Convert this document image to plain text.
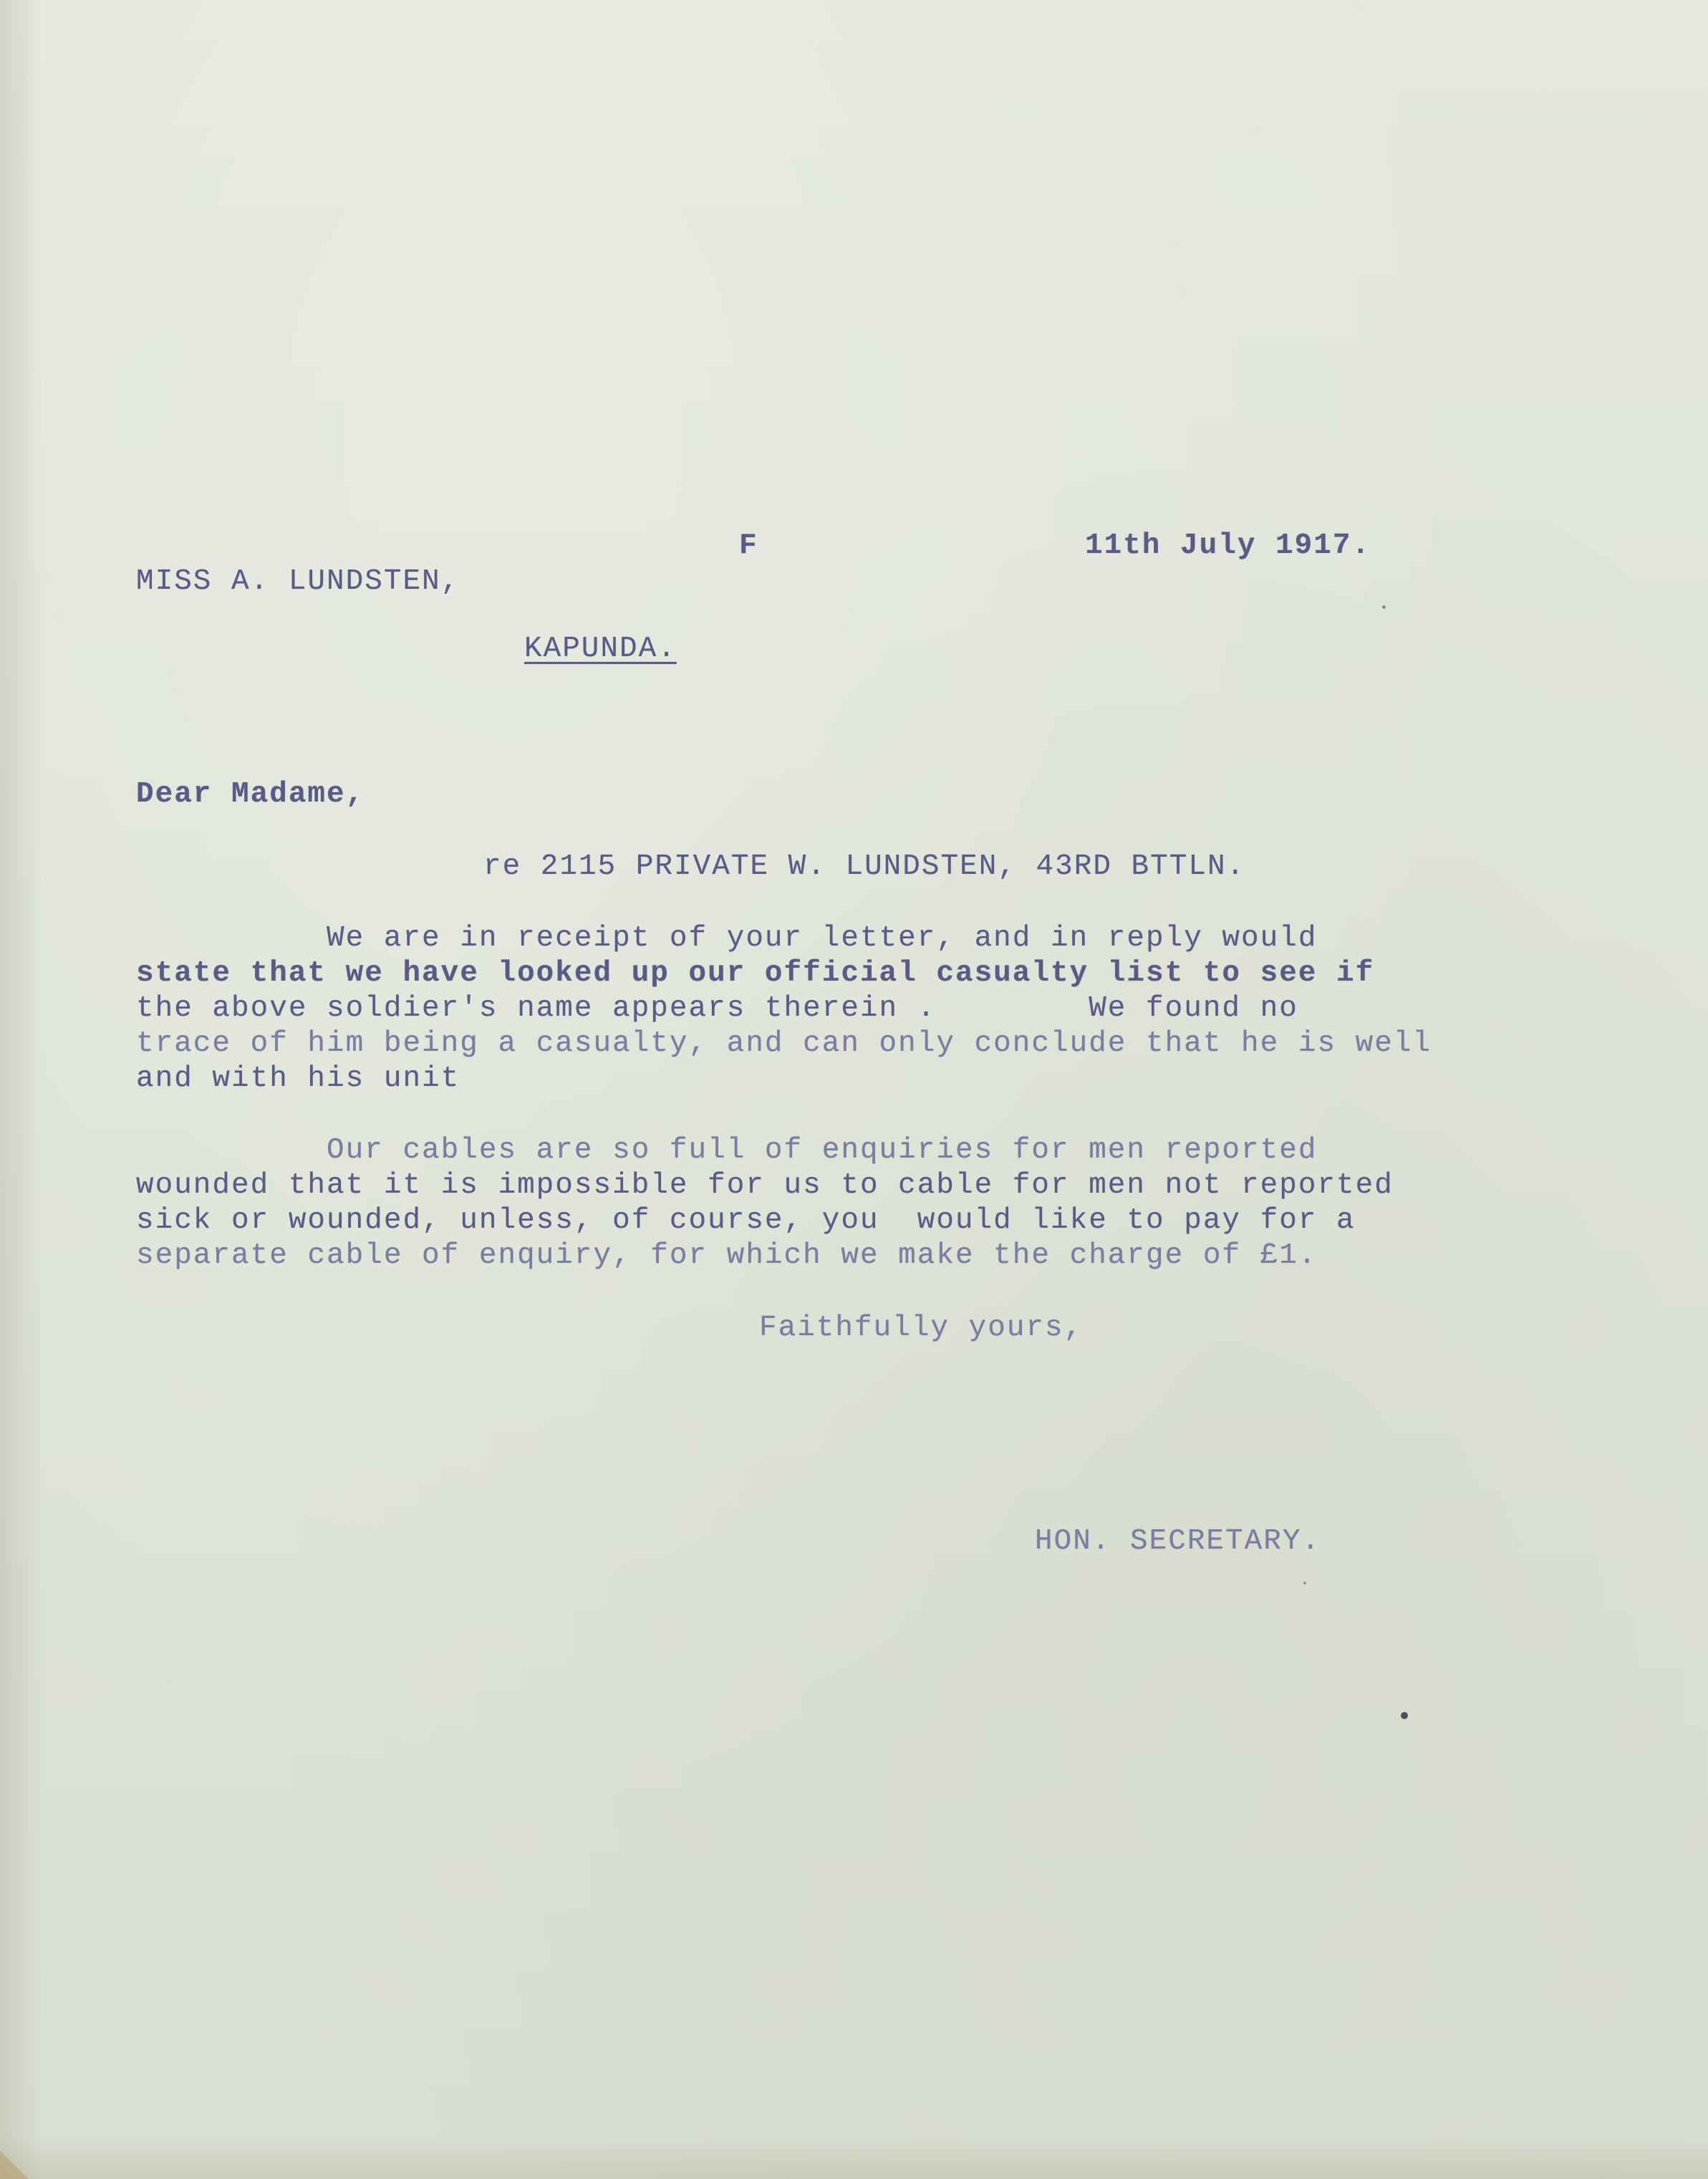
F	11th July 1917.
MISS A. LUNDSTEN,
KAPUNDA.
Dear Madame,
re 2115 PRIVATE W. LUNDSTEN, 43RD BTTLN.
We are in receipt of your letter, and in reply would
state that we have looked up our official casualty list to see if
the above soldier's name appears therein .        We found no
trace of him being a casualty, and can only conclude that he is well
and with his unit
Our cables are so full of enquiries for men reported
wounded that it is impossible for us to cable for men not reported
sick or wounded, unless, of course, you  would like to pay for a
separate cable of enquiry, for which we make the charge of £1.
Faithfully yours,
HON. SECRETARY.
